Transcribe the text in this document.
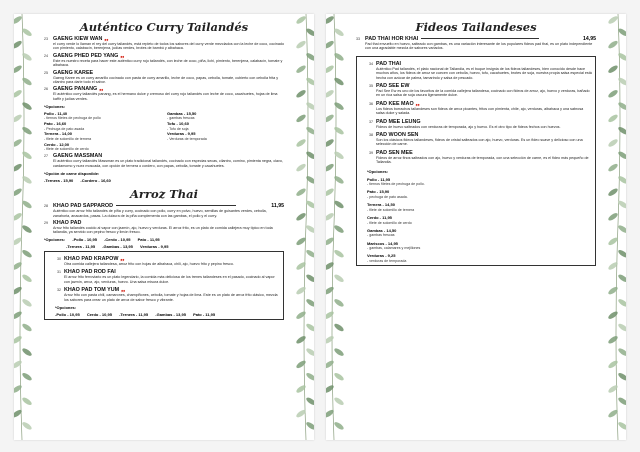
Auténtico Curry Tailandés
23 GAENG KIEW WAN ❟❟
el curry verde lo llaman el rey del curry tailandés, está repleto de todos los sabores del curry verde mezclados con la leche de coco, cocinado con pimiento, calabacín, berenjena, judías verdes, brotes de bambú y albahaca.
24 GAENG PHED PED YANG ❟❟
Este es nuestro receta para hacer este auténtico curry rojo tailandés, con leche de coco, piña, lichi, pimiento, berenjena, calabacín, tomate y albahaca.
25 GAENG KAREE
Gaeng Karee es un curry amarillo cocinado con pasta de curry amarillo, leche de coco, papas, cebolla, tomate, cubierto con cebolla frita y cilantro para darle todo el sabor.
26 GAENG PANANG ❟❟
El auténtico curry tailandés panang, es el hermano dulce y cremoso del curry rojo tailandés con leche de coco, cacahuetes, hojas de lima kaffir y judías verdes.
*Opciones:
Pollo - 11,40
- tiernos filetes de pechuga de pollo
Gambas - 15,50
- gambas frescas
Pato - 16,60
- Pechuga de pato asada
Tofu - 10,60
- Tofu de soja
Ternera - 14,00
- filete de solomillo de ternera
Verduras - 9,95
- Verduras de temporada
Cerdo - 12,00
- filete de solomillo de cerdo
27 GAENG MASSMAN
El auténtico curry tailandés Massman es un plato tradicional tailandés, cocinado con especias secas, cilantro, comino, pimienta negra, clavo, cardamomo y nuez moscada, con opción de ternera o cordero, con papas, cebolla, tomate y cacahuetes.
*Opción de carne disponible:
-Ternera - 15,90 -Cordero - 16,60
Arroz Thai
28 KHAO PAD SAPPAROD	11,95
Auténtico con arroz frito tailandés de piña y curry, cocinado con pollo, curry en polvo, huevo, semillas de guisantes verdes, cebolla, zanahoria, anacardos, pasas. La dulzura de la piña complementa con las gambas, el pollo y el curry.
29 KHAO PAD
Arroz frito tailandés cocido al vapor con jazmín, ajo, huevo y verduras. El arroz frito, es un plato de comida callejera muy típico en toda tailandia, ya servido con pepino fresco y limón fresco.
*Opciones: -Pollo - 10,95 -Cerdo - 10,95 Pato - 11,95
-Ternera - 11,95 -Gambas - 13,95 Verduras - 9,95
30 KHAO PAD KRAPOW ❟❟
Otra comida callejera tailandesa, arroz frito con hojas de albahaca, chili, ajo, huevo frito y pepino fresco.
31 KHAO PAD ROD FAI
El arroz frito ferroviario es un plato legendario, la comida más deliciosa de los trenes tailandeses en el pasado, cocinado al vapor con jazmín, arroz, ajo, verduras, huevo. Una salsa misura dulce.
32 KHAO PAD TOM YUM ❟❟
Arroz frito con pasta chili, camarones, champiñones, cebolla, tomate y hojas de lima. Este es un plato de arroz frito clásico, mezcla los sabores para crear un plato de arroz de sabor fresco y vibrante.
*Opciones:
-Pollo - 10,95 Cerdo - 10,95 -Ternera - 11,95 -Gambas - 13,95 Pato - 11,95
Fideos Tailandeses
33 PAD THAI HOR KHAI	14,95
Pad thai envuelto en huevo, salteado con gambas, es una variación interesante de los populares fideos pad thai, es un plato independiente con una agradable mezcla de sabores variados.
34 PAD THAI
Auténtico Pad tailandés, el plato nacional de Tailandia, es el buque insignia de los fideos tailandeses, bien conocido desde hace muchos años, los fideos de arroz se cuecen con cebolla, huevo, tofu, cacahuetes, brotes de soja, nuestra propia salsa especial está hecha con azúcar de palma, tamarindo y salsa de pescado.
35 PAD SEE EW
Pad See Ew es uno de los favoritos de la comida callejera tailandesa, cocinado con fideos de arroz, ajo, huevo y verduras, bañado en un rica salsa de soja oscura ligeramente dulce.
36 PAD KEE MAO ❟❟
Los fideos borrachos tailandeses son fideos de arroz picantes, fritos con pimienta, chile, ajo, verduras, albahaca y una sabrosa salsa dulce y salada.
37 PAD MEE LEUNG
Fideos de huevo salteados con verduras de temporada, ajo y huevo. Es el otro tipo de fideos fechos con huevos.
38 PAD WOON SEN
Son los clásicos fideos tailandeses, fideos de cristal salteados con ajo, huevo, verduras. Es un fideo suave y delicioso con una selección de carne.
39 PAD SEN MEE
Fideos de arroz finos salteados con ajo, huevo y verduras de temporada, con una selección de carne, es el fideo más pequeño de Tailandia.
*Opciones:
Pollo - 11,95
- tiernos filetes de pechuga de pollo.
Pato - 15,90
- pechuga de pato asada.
Ternera - 14,50
- filete de solomillo de ternera
Cerdo - 11,95
- filete de solomillo de cerdo
Gambas - 14,50
- gambas frescas
Mariscos - 14,95
- gambas, calamares y mejillones
Verduras - 9,25
- verduras de temporada
